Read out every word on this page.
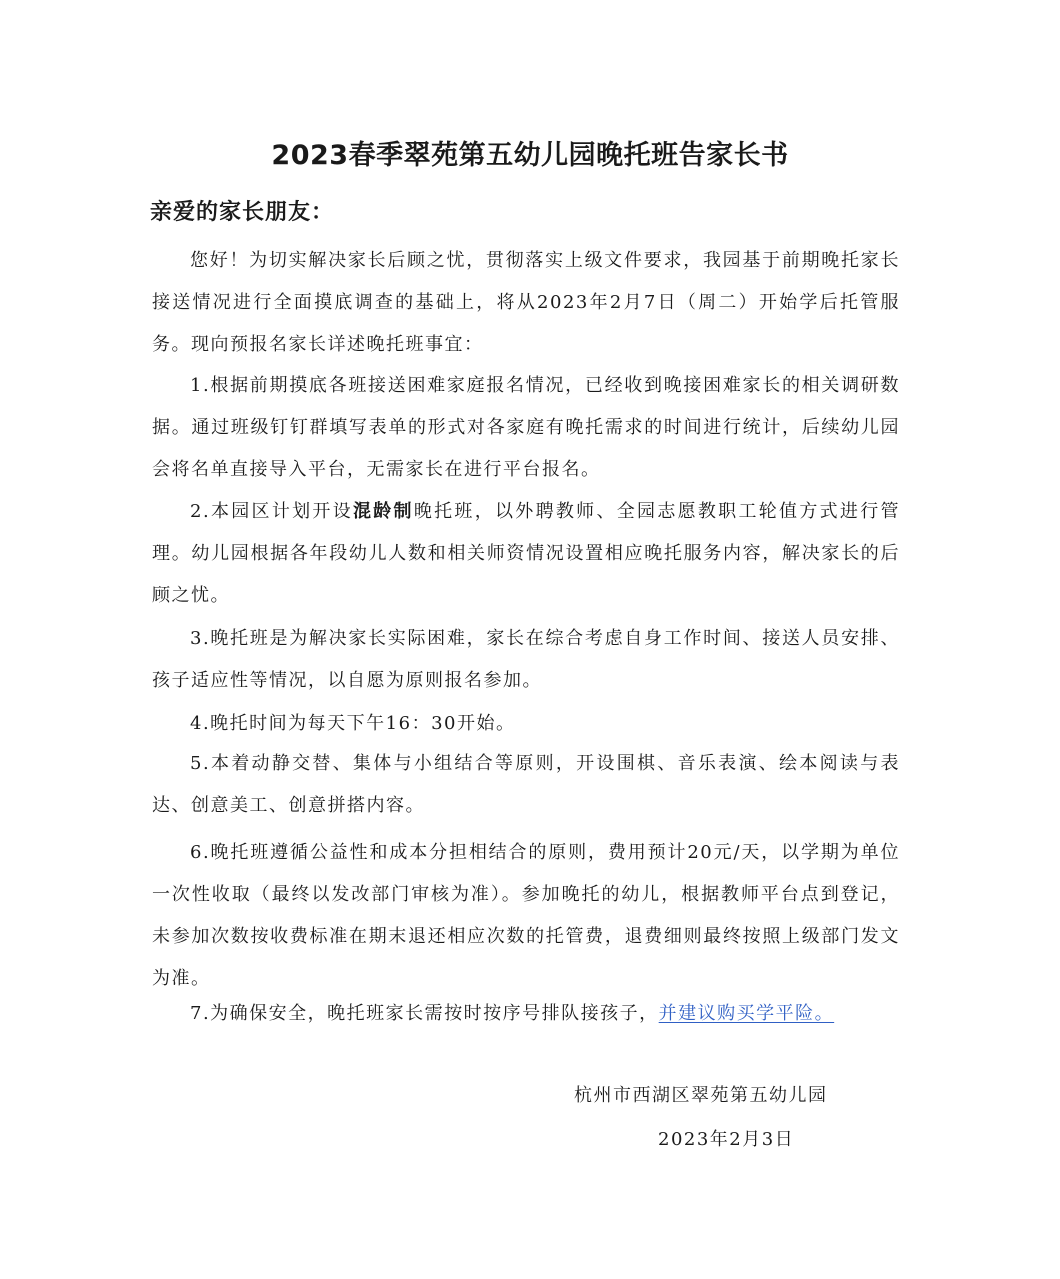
2023春季翠苑第五幼儿园晚托班告家长书
亲爱的家长朋友：

您好！为切实解决家长后顾之忧，贯彻落实上级文件要求，我园基于前期晚托家长接送情况进行全面摸底调查的基础上，将从2023年2月7日（周二）开始学后托管服务。现向预报名家长详述晚托班事宜：

1.根据前期摸底各班接送困难家庭报名情况，已经收到晚接困难家长的相关调研数据。通过班级钉钉群填写表单的形式对各家庭有晚托需求的时间进行统计，后续幼儿园会将名单直接导入平台，无需家长在进行平台报名。

2.本园区计划开设混龄制晚托班，以外聘教师、全园志愿教职工轮值方式进行管理。幼儿园根据各年段幼儿人数和相关师资情况设置相应晚托服务内容，解决家长的后顾之忧。

3.晚托班是为解决家长实际困难，家长在综合考虑自身工作时间、接送人员安排、孩子适应性等情况，以自愿为原则报名参加。

4.晚托时间为每天下午16：30开始。

5.本着动静交替、集体与小组结合等原则，开设围棋、音乐表演、绘本阅读与表达、创意美工、创意拼搭内容。

6.晚托班遵循公益性和成本分担相结合的原则，费用预计20元/天，以学期为单位一次性收取（最终以发改部门审核为准）。参加晚托的幼儿，根据教师平台点到登记，未参加次数按收费标准在期末退还相应次数的托管费，退费细则最终按照上级部门发文为准。

7.为确保安全，晚托班家长需按时按序号排队接孩子，并建议购买学平险。

杭州市西湖区翠苑第五幼儿园
2023年2月3日
